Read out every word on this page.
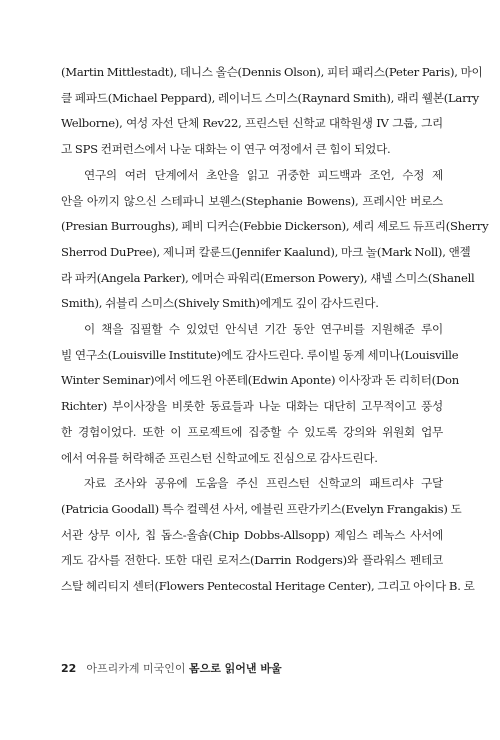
(Martin Mittlestadt), 데니스 올슨(Dennis Olson), 피터 패리스(Peter Paris), 마이
클 페파드(Michael Peppard), 레이너드 스미스(Raynard Smith), 래리 웰본(Larry
Welborne), 여성 자선 단체 Rev22, 프린스턴 신학교 대학원생 IV 그룹, 그리
고 SPS 컨퍼런스에서 나눈 대화는 이 연구 여정에서 큰 힘이 되었다.
연구의 여러 단계에서 초안을 읽고 귀중한 피드백과 조언, 수정 제
안을 아끼지 않으신 스테파니 보웬스(Stephanie Bowens), 프레시안 버로스
(Presian Burroughs), 페비 디커슨(Febbie Dickerson), 셰리 셰로드 듀프리(Sherry
Sherrod DuPree), 제니퍼 칼룬드(Jennifer Kaalund), 마크 놀(Mark Noll), 앤젤
라 파커(Angela Parker), 에머슨 파워리(Emerson Powery), 섀넬 스미스(Shanell
Smith), 쉬블리 스미스(Shively Smith)에게도 깊이 감사드린다.
이 책을 집필할 수 있었던 안식년 기간 동안 연구비를 지원해준 루이
빌 연구소(Louisville Institute)에도 감사드린다. 루이빌 동계 세미나(Louisville
Winter Seminar)에서 에드윈 아폰테(Edwin Aponte) 이사장과 돈 리히터(Don
Richter) 부이사장을 비롯한 동료들과 나눈 대화는 대단히 고무적이고 풍성
한 경험이었다. 또한 이 프로젝트에 집중할 수 있도록 강의와 위원회 업무
에서 여유를 허락해준 프린스턴 신학교에도 진심으로 감사드린다.
자료 조사와 공유에 도움을 주신 프린스턴 신학교의 패트리샤 구달
(Patricia Goodall) 특수 컬렉션 사서, 에블린 프란가키스(Evelyn Frangakis) 도
서관 상무 이사, 칩 돕스-올솝(Chip Dobbs-Allsopp) 제임스 레녹스 사서에
게도 감사를 전한다. 또한 대린 로저스(Darrin Rodgers)와 플라워스 펜테코
스탈 헤리티지 센터(Flowers Pentecostal Heritage Center), 그리고 아이다 B. 로
22 아프리카계 미국인이 몸으로 읽어낸 바울
